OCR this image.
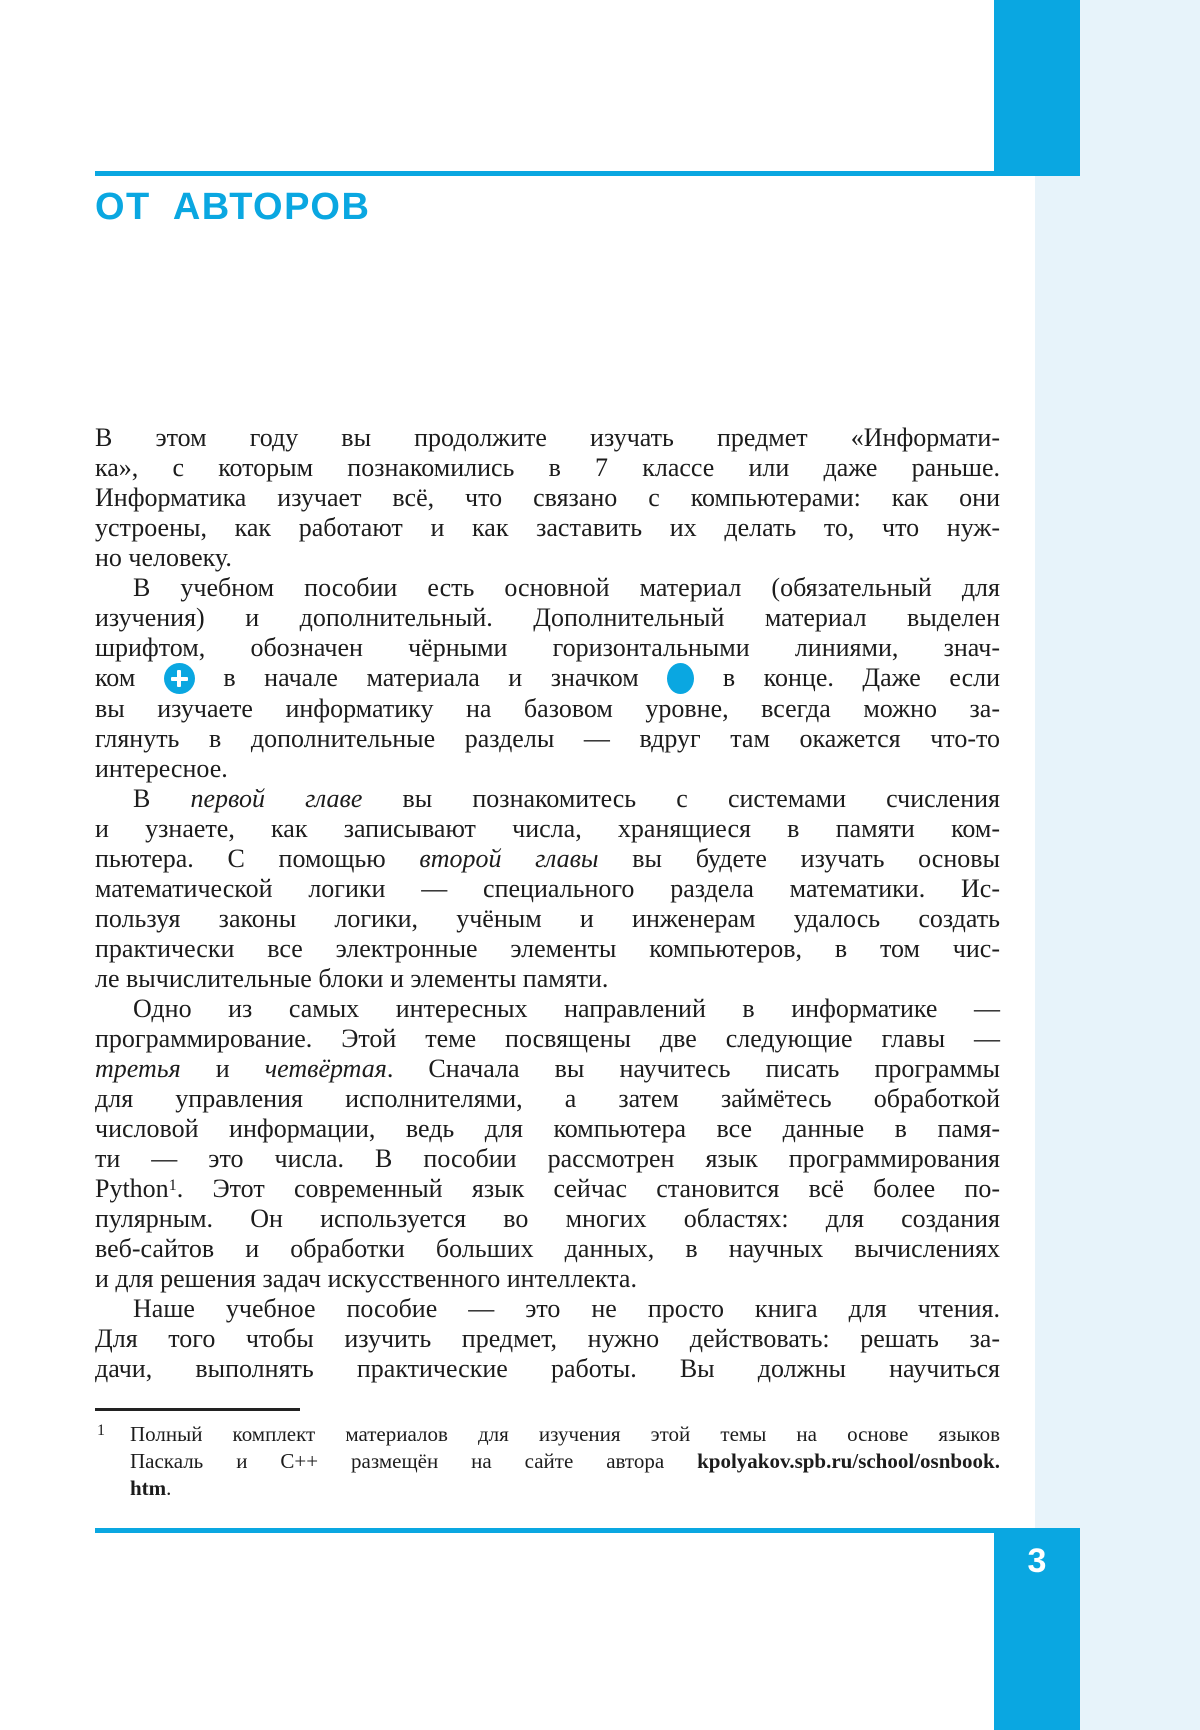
ОТ АВТОРОВ
В этом году вы продолжите изучать предмет «Информати-
ка», с которым познакомились в 7 классе или даже раньше.
Информатика изучает всё, что связано с компьютерами: как они
устроены, как работают и как заставить их делать то, что нуж-
но человеку.
В учебном пособии есть основной материал (обязательный для
изучения) и дополнительный. Дополнительный материал выделен
шрифтом, обозначен чёрными горизонтальными линиями, знач-
ком  в начале материала и значком  в конце. Даже если
вы изучаете информатику на базовом уровне, всегда можно за-
глянуть в дополнительные разделы — вдруг там окажется что-то
интересное.
В первой главе вы познакомитесь с системами счисления
и узнаете, как записывают числа, хранящиеся в памяти ком-
пьютера. С помощью второй главы вы будете изучать основы
математической логики — специального раздела математики. Ис-
пользуя законы логики, учёным и инженерам удалось создать
практически все электронные элементы компьютеров, в том чис-
ле вычислительные блоки и элементы памяти.
Одно из самых интересных направлений в информатике —
программирование. Этой теме посвящены две следующие главы —
третья и четвёртая. Сначала вы научитесь писать программы
для управления исполнителями, а затем займётесь обработкой
числовой информации, ведь для компьютера все данные в памя-
ти — это числа. В пособии рассмотрен язык программирования
Python$^1$. Этот современный язык сейчас становится всё более по-
пулярным. Он используется во многих областях: для создания
веб-сайтов и обработки больших данных, в научных вычислениях
и для решения задач искусственного интеллекта.
Наше учебное пособие — это не просто книга для чтения.
Для того чтобы изучить предмет, нужно действовать: решать за-
дачи, выполнять практические работы. Вы должны научиться
1 Полный комплект материалов для изучения этой темы на основе языков
Паскаль и C++ размещён на сайте автора kpolyakov.spb.ru/school/osnbook.
htm.
3
